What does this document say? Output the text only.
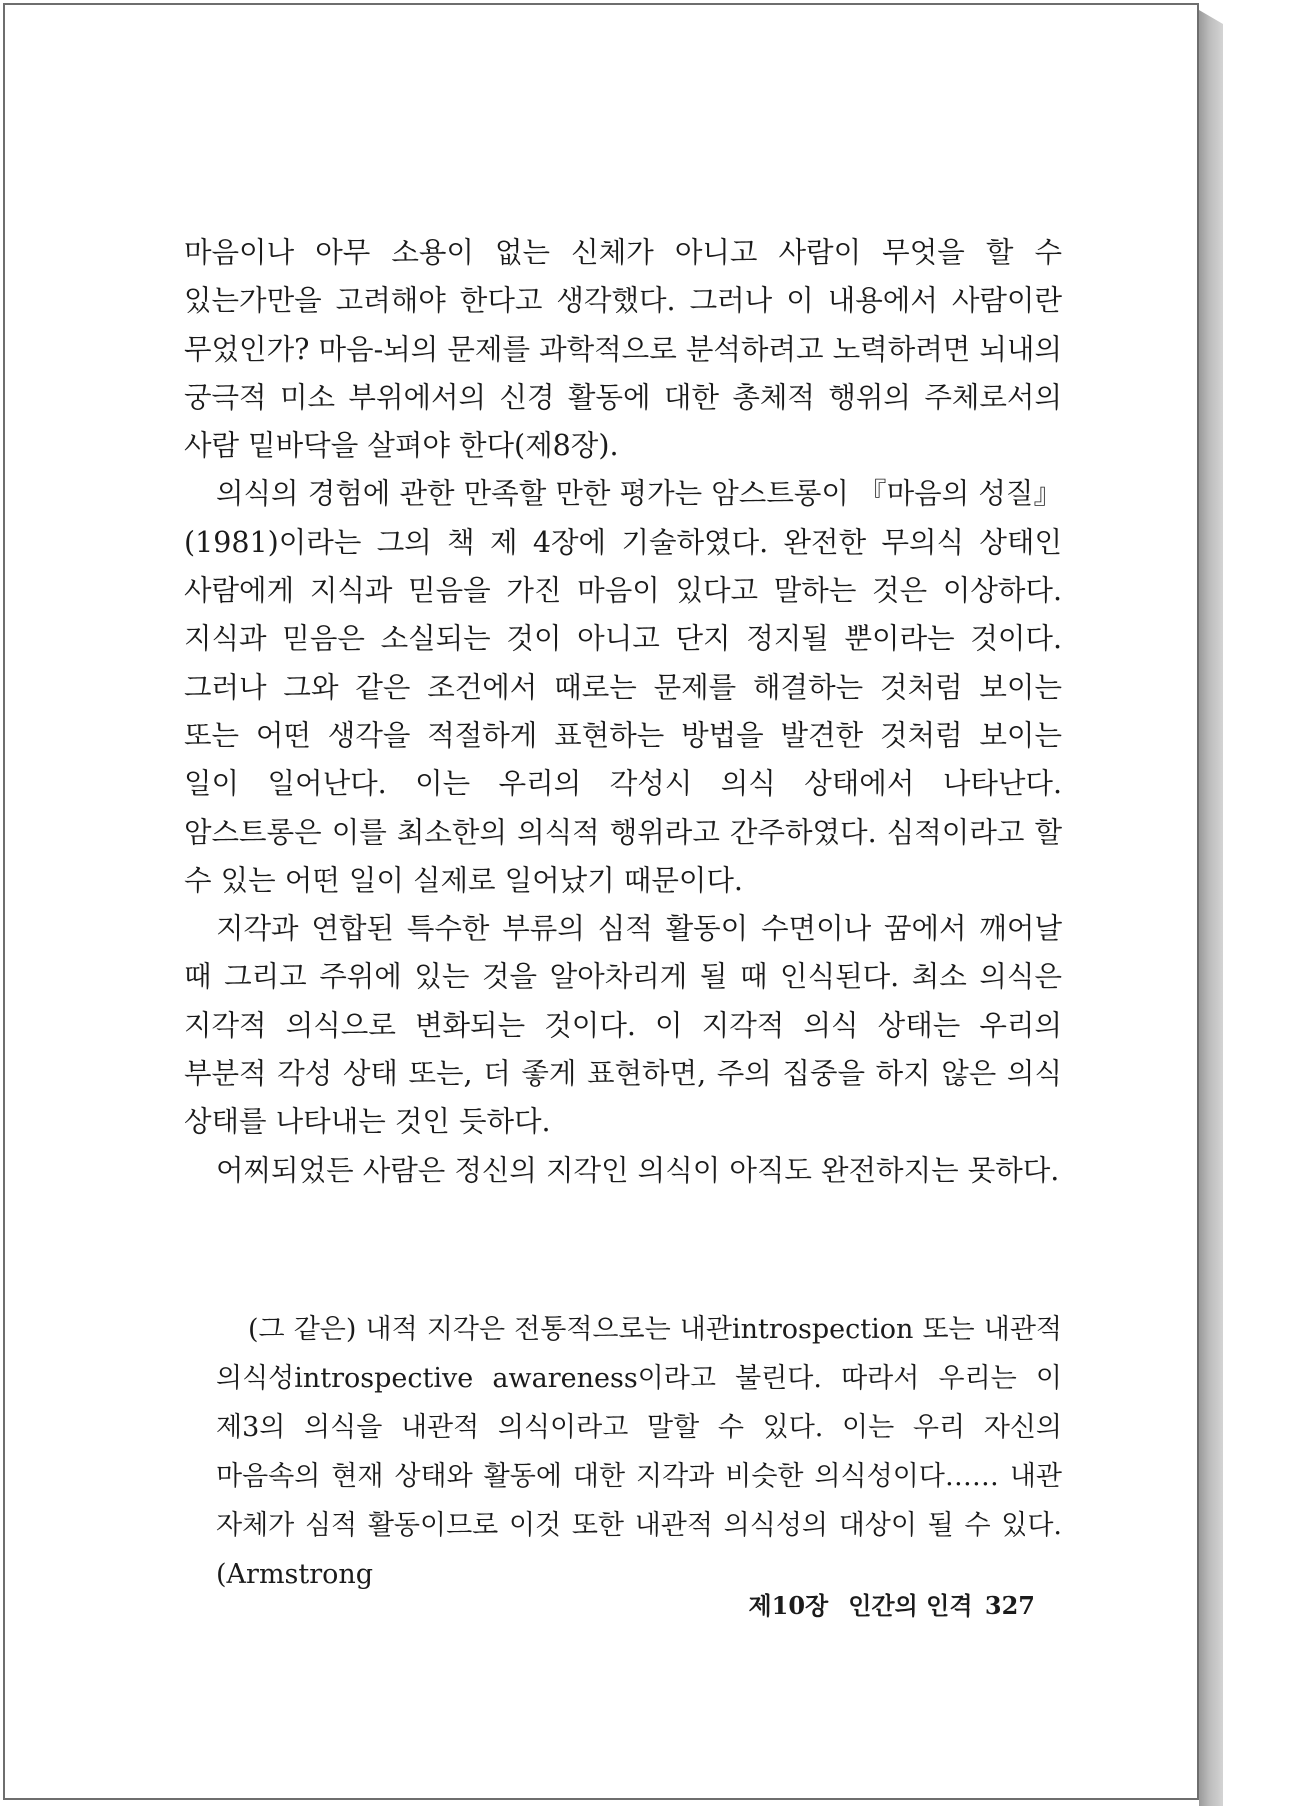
마음이나 아무 소용이 없는 신체가 아니고 사람이 무엇을 할 수 있는가만을 고려해야 한다고 생각했다. 그러나 이 내용에서 사람이란 무었인가? 마음-뇌의 문제를 과학적으로 분석하려고 노력하려면 뇌내의 궁극적 미소 부위에서의 신경 활동에 대한 총체적 행위의 주체로서의 사람 밑바닥을 살펴야 한다(제8장).

의식의 경험에 관한 만족할 만한 평가는 암스트롱이 『마음의 성질』(1981)이라는 그의 책 제 4장에 기술하였다. 완전한 무의식 상태인 사람에게 지식과 믿음을 가진 마음이 있다고 말하는 것은 이상하다. 지식과 믿음은 소실되는 것이 아니고 단지 정지될 뿐이라는 것이다. 그러나 그와 같은 조건에서 때로는 문제를 해결하는 것처럼 보이는 또는 어떤 생각을 적절하게 표현하는 방법을 발견한 것처럼 보이는 일이 일어난다. 이는 우리의 각성시 의식 상태에서 나타난다. 암스트롱은 이를 최소한의 의식적 행위라고 간주하였다. 심적이라고 할 수 있는 어떤 일이 실제로 일어났기 때문이다.

지각과 연합된 특수한 부류의 심적 활동이 수면이나 꿈에서 깨어날 때 그리고 주위에 있는 것을 알아차리게 될 때 인식된다. 최소 의식은 지각적 의식으로 변화되는 것이다. 이 지각적 의식 상태는 우리의 부분적 각성 상태 또는, 더 좋게 표현하면, 주의 집중을 하지 않은 의식 상태를 나타내는 것인 듯하다.

어찌되었든 사람은 정신의 지각인 의식이 아직도 완전하지는 못하다.

(그 같은) 내적 지각은 전통적으로는 내관introspection 또는 내관적 의식성introspective awareness이라고 불린다. 따라서 우리는 이 제3의 의식을 내관적 의식이라고 말할 수 있다. 이는 우리 자신의 마음속의 현재 상태와 활동에 대한 지각과 비슷한 의식성이다…… 내관 자체가 심적 활동이므로 이것 또한 내관적 의식성의 대상이 될 수 있다.(Armstrong

제10장 인간의 인격 327
